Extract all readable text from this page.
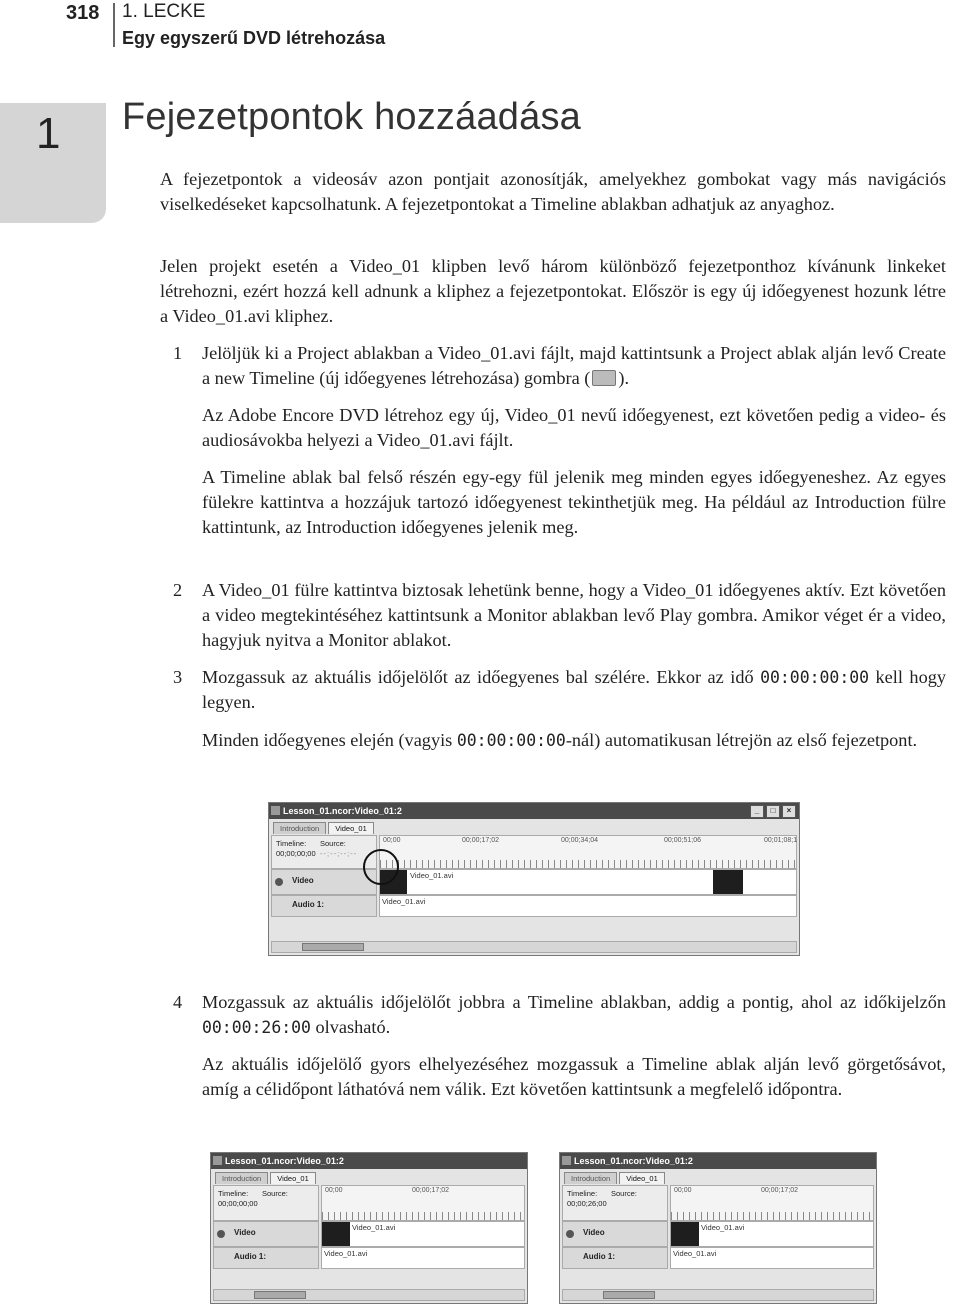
318 1. LECKE
Egy egyszerű DVD létrehozása
1 Fejezetpontok hozzáadása

A fejezetpontok a videosáv azon pontjait azonosítják, amelyekhez gombokat vagy más navigációs viselkedéseket kapcsolhatunk. A fejezetpontokat a Timeline ablakban adhatjuk az anyaghoz.

Jelen projekt esetén a Video_01 klipben levő három különböző fejezetponthoz kívánunk linkeket létrehozni, ezért hozzá kell adnunk a kliphez a fejezetpontokat. Először is egy új időegyenest hozunk létre a Video_01.avi kliphez.

1 Jelöljük ki a Project ablakban a Video_01.avi fájlt, majd kattintsunk a Project ablak alján levő Create a new Timeline (új időegyenes létrehozása) gombra ( ).

Az Adobe Encore DVD létrehoz egy új, Video_01 nevű időegyenest, ezt követően pedig a video- és audiosávokba helyezi a Video_01.avi fájlt.

A Timeline ablak bal felső részén egy-egy fül jelenik meg minden egyes időegyeneshez. Az egyes fülekre kattintva a hozzájuk tartozó időegyenest tekinthetjük meg. Ha például az Introduction fülre kattintunk, az Introduction időegyenes jelenik meg.

2 A Video_01 fülre kattintva biztosak lehetünk benne, hogy a Video_01 időegyenes aktív. Ezt követően a video megtekintéséhez kattintsunk a Monitor ablakban levő Play gombra. Amikor véget ér a video, hagyjuk nyitva a Monitor ablakot.

3 Mozgassuk az aktuális időjelölőt az időegyenes bal szélére. Ekkor az idő 00:00:00:00 kell hogy legyen.

Minden időegyenes elején (vagyis 00:00:00:00-nál) automatikusan létrejön az első fejezetpont.

Lesson_01.ncor:Video_01:2	_	□	×
Introduction	Video_01
Timeline:
00;00;00;00
Source:
--;--;--;--
00;00	00;00;17;02	00;00;34;04	00;00;51;06	00;01;08;1
Video
Video_01.avi
Audio 1:	Video_01.avi
4 Mozgassuk az aktuális időjelölőt jobbra a Timeline ablakban, addig a pontig, ahol az időkijelzőn 00:00:26:00 olvasható.

Az aktuális időjelölő gyors elhelyezéséhez mozgassuk a Timeline ablak alján levő görgetősávot, amíg a célidőpont láthatóvá nem válik. Ezt követően kattintsunk a megfelelő időpontra.

Lesson_01.ncor:Video_01:2
Introduction	Video_01
Timeline:
00;00;00;00
Source:	00;00	00;00;17;02
Video
Video_01.avi
Audio 1:	Video_01.avi
Lesson_01.ncor:Video_01:2
Introduction	Video_01
Timeline:
00;00;26;00
Source:	00;00	00;00;17;02
Video
Video_01.avi
Audio 1:	Video_01.avi
